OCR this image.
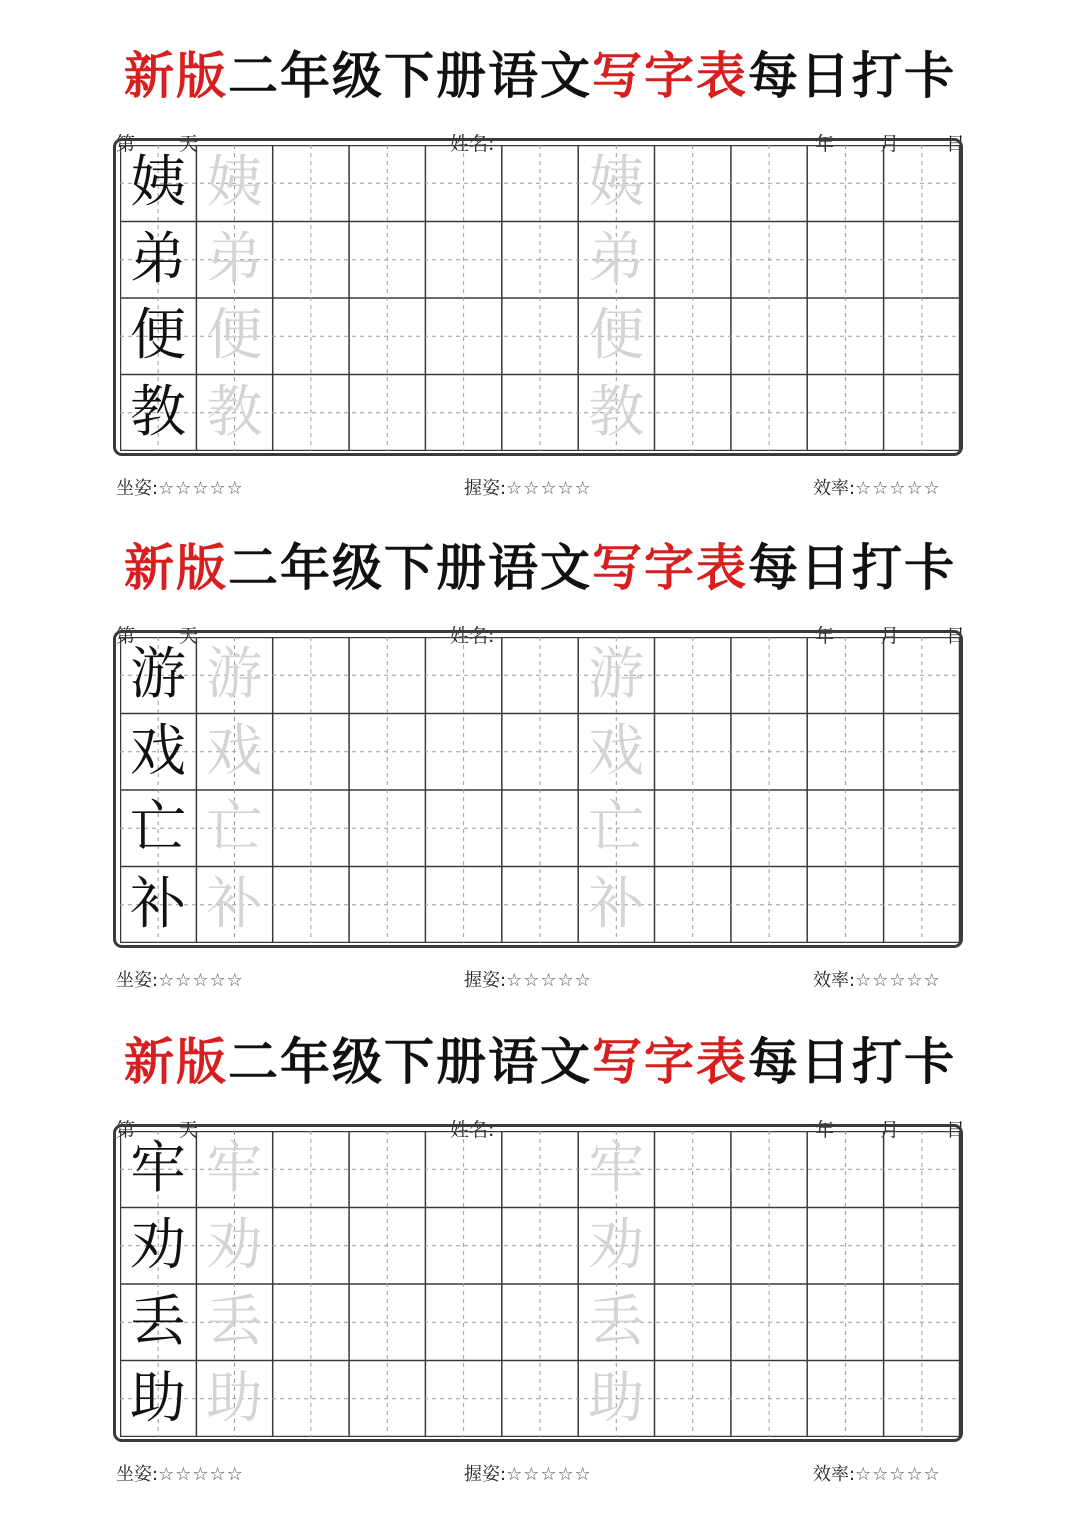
新版二年级下册语文写字表每日打卡
第 天	姓名:	年 月 日
姨 姨	姨
弟 弟	弟
便 便	便
教 教	教
坐姿:☆☆☆☆☆	握姿:☆☆☆☆☆	效率:☆☆☆☆☆
新版二年级下册语文写字表每日打卡
第 天	姓名:	年 月 日
游 游	游
戏 戏	戏
亡 亡	亡
补 补	补
坐姿:☆☆☆☆☆	握姿:☆☆☆☆☆	效率:☆☆☆☆☆
新版二年级下册语文写字表每日打卡
第 天	姓名:	年 月 日
牢 牢	牢
劝 劝	劝
丢 丢	丢
助 助	助
坐姿:☆☆☆☆☆	握姿:☆☆☆☆☆	效率:☆☆☆☆☆
